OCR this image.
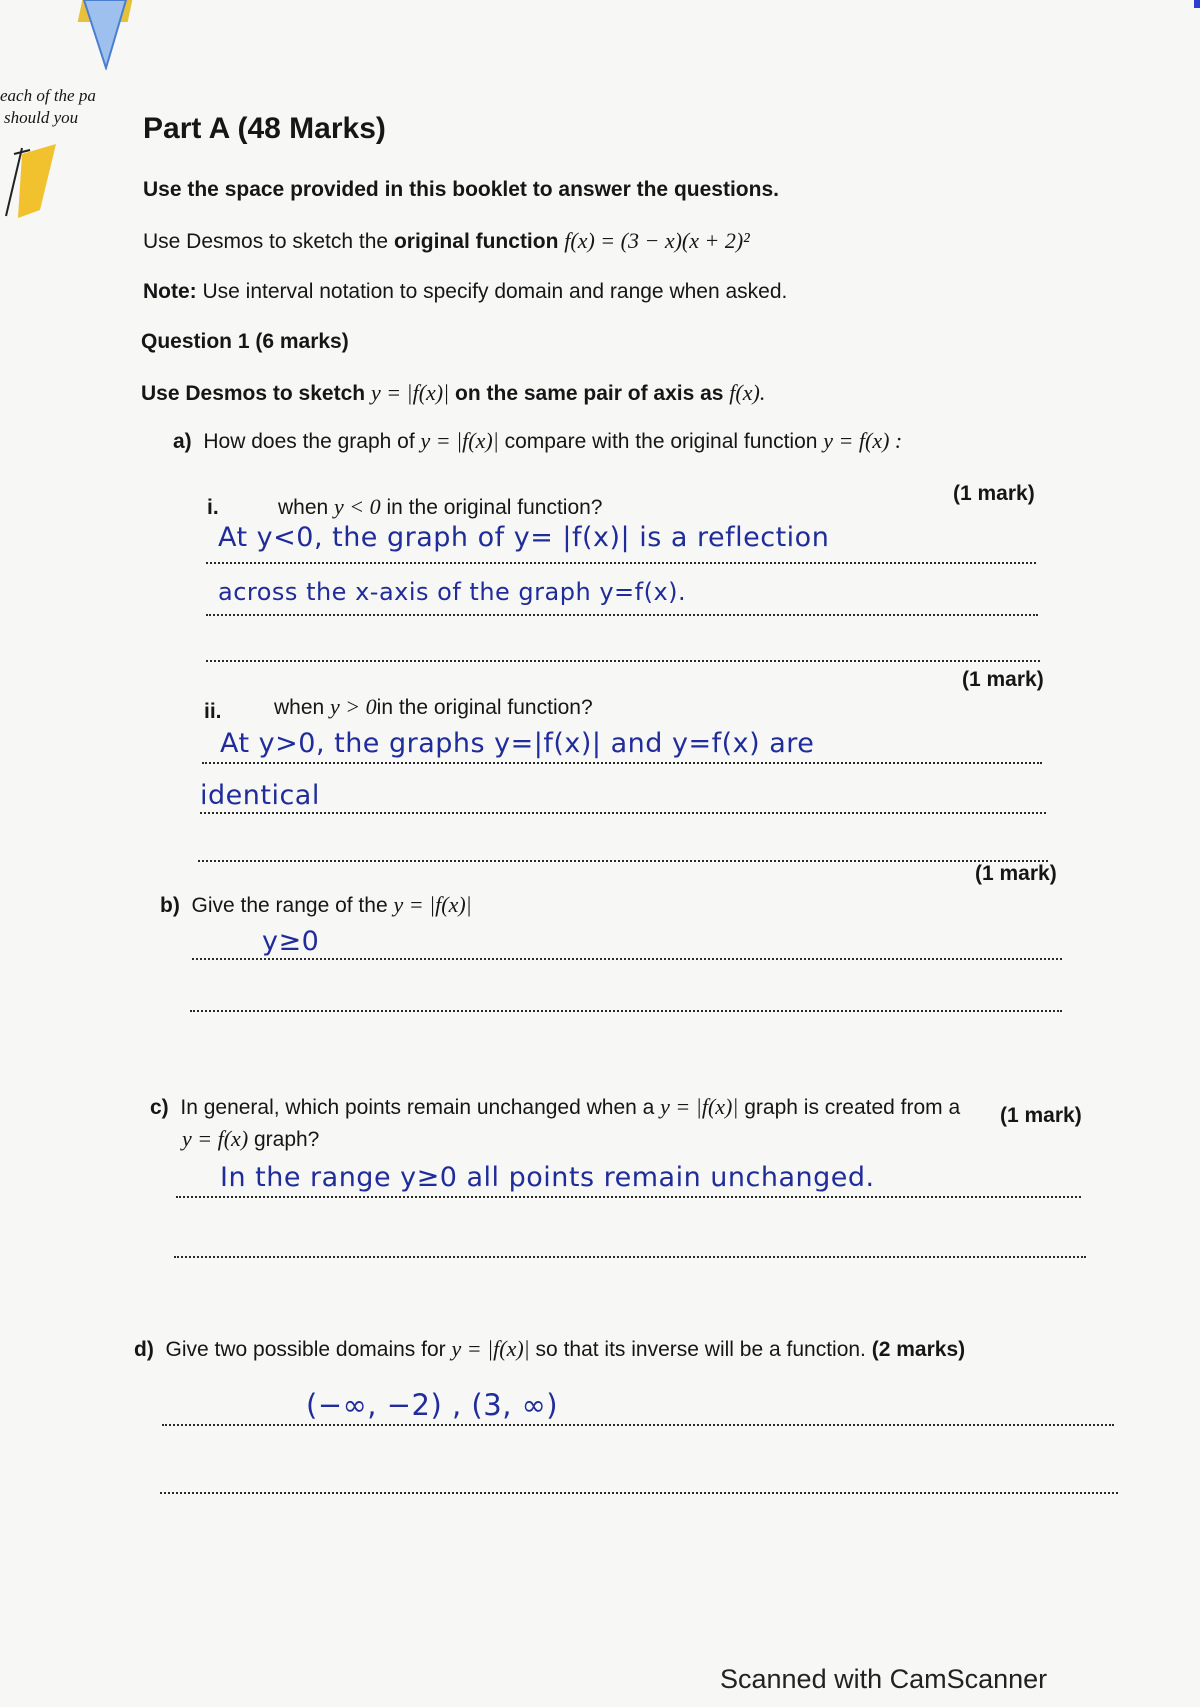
each of the pa
should you Part A (48 Marks)
Use the space provided in this booklet to answer the questions.
Use Desmos to sketch the original function f(x) = (3 − x)(x + 2)²
Note: Use interval notation to specify domain and range when asked.
Question 1 (6 marks)
Use Desmos to sketch y = |f(x)| on the same pair of axis as f(x).
a) How does the graph of y = |f(x)| compare with the original function y = f(x) :
i.	when y < 0 in the original function?
(1 mark)
At y<0, the graph of y= |f(x)| is a reflection
across the x-axis of the graph y=f(x).
ii. when y > 0in the original function?
(1 mark)
At y>0, the graphs y=|f(x)| and y=f(x) are
identical
b) Give the range of the y = |f(x)|
(1 mark)
y≥0
c) In general, which points remain unchanged when a y = |f(x)| graph is created from a
y = f(x) graph?
(1 mark)
In the range y≥0 all points remain unchanged.
d) Give two possible domains for y = |f(x)| so that its inverse will be a function. (2 marks)
(−∞, −2) , (3, ∞)
Scanned with CamScanner
